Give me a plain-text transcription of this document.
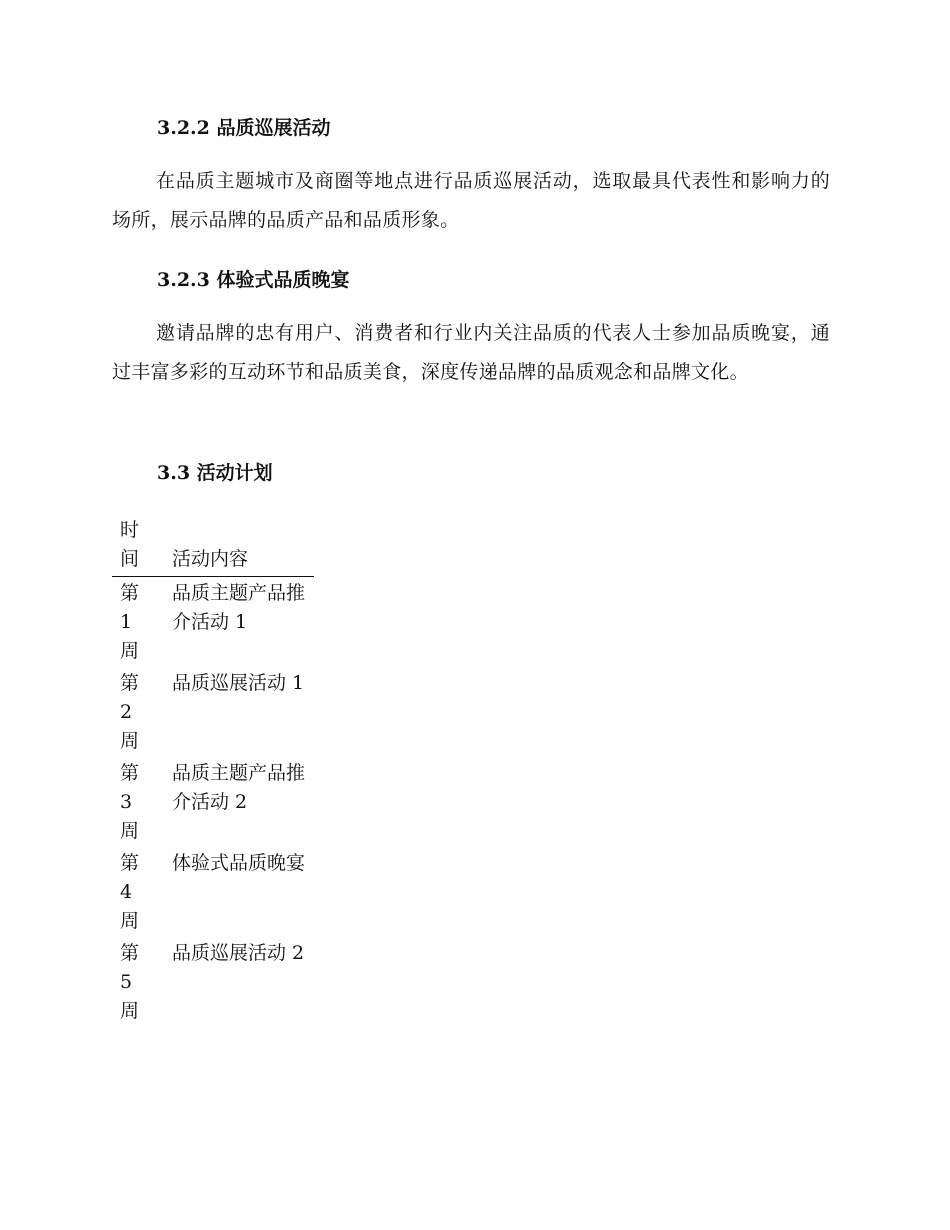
3.2.2 品质巡展活动
在品质主题城市及商圈等地点进行品质巡展活动，选取最具代表性和影响力的场所，展示品牌的品质产品和品质形象。
3.2.3 体验式品质晚宴
邀请品牌的忠有用户、消费者和行业内关注品质的代表人士参加品质晚宴，通过丰富多彩的互动环节和品质美食，深度传递品牌的品质观念和品牌文化。
3.3 活动计划
时间 活动内容
第1周
品质主题产品推介活动 1
第2周
品质巡展活动 1
第3周
品质主题产品推介活动 2
第4周
体验式品质晚宴
第5周
品质巡展活动 2
